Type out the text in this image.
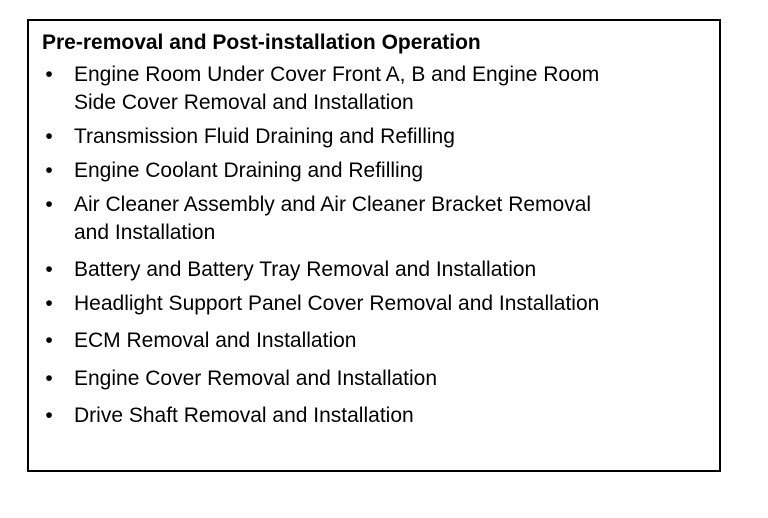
Pre-removal and Post-installation Operation
• Engine Room Under Cover Front A, B and Engine Room
Side Cover Removal and Installation
• Transmission Fluid Draining and Refilling
• Engine Coolant Draining and Refilling
• Air Cleaner Assembly and Air Cleaner Bracket Removal
and Installation
• Battery and Battery Tray Removal and Installation
• Headlight Support Panel Cover Removal and Installation
• ECM Removal and Installation
• Engine Cover Removal and Installation
• Drive Shaft Removal and Installation
